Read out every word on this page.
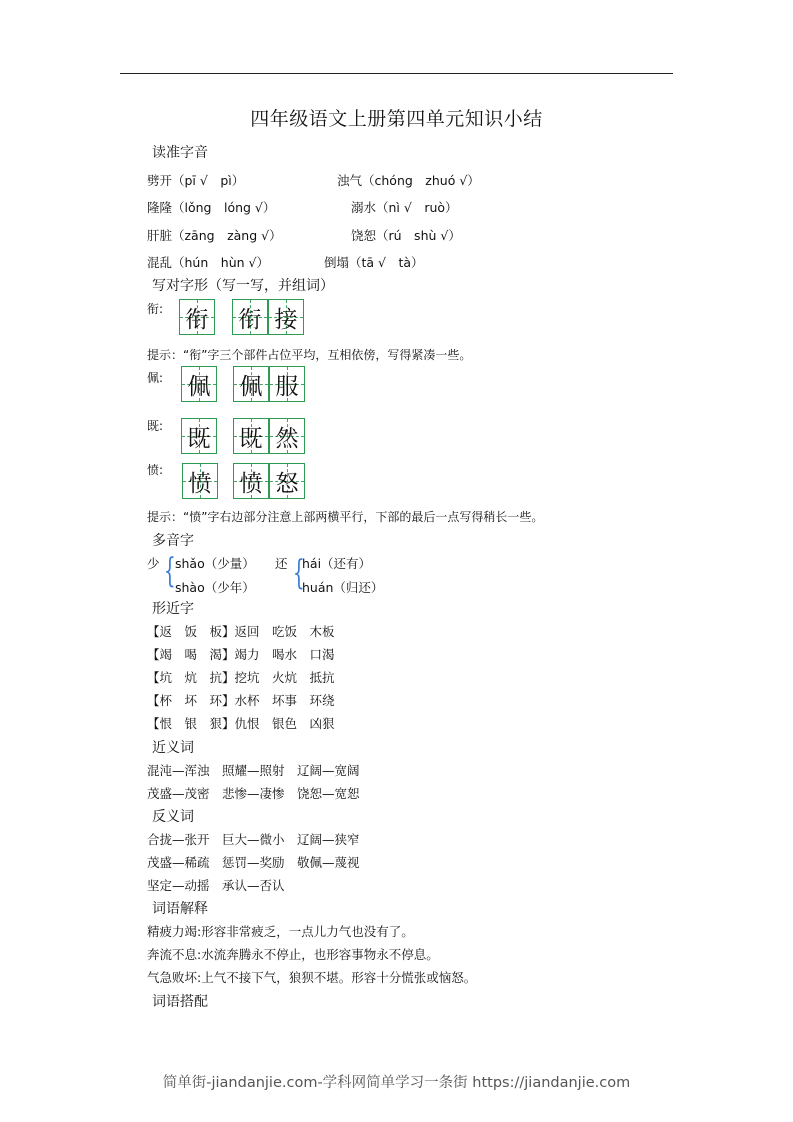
四年级语文上册第四单元知识小结
读准字音
劈开（pī √　pì）	浊气（chóng　zhuó √）
隆隆（lǒng　lóng √）	溺水（nì √　ruò）
肝脏（zāng　zàng √）	饶恕（rú　shù √）
混乱（hún　hùn √）	倒塌（tā √　tà）
写对字形（写一写，并组词）
衔: 衔 衔 接
提示：“衔”字三个部件占位平均，互相依傍，写得紧凑一些。
佩: 佩 佩 服
既: 既 既 然
愤:
愤 愤 怒
提示：“愤”字右边部分注意上部两横平行，下部的最后一点写得稍长一些。
多音字
少 { shǎo（少量）
shào（少年）
还 {
hái（还有）
huán（归还）
形近字
【返　饭　板】返回　吃饭　木板
【竭　喝　渴】竭力　喝水　口渴
【坑　炕　抗】挖坑　火炕　抵抗
【杯　坏　环】水杯　坏事　环绕
【恨　银　狠】仇恨　银色　凶狠
近义词
混沌—浑浊　照耀—照射　辽阔—宽阔
茂盛—茂密　悲惨—凄惨　饶恕—宽恕
反义词
合拢—张开　巨大—微小　辽阔—狭窄
茂盛—稀疏　惩罚—奖励　敬佩—蔑视
坚定—动摇　承认—否认
词语解释
精疲力竭:形容非常疲乏，一点儿力气也没有了。
奔流不息:水流奔腾永不停止，也形容事物永不停息。
气急败坏:上气不接下气，狼狈不堪。形容十分慌张或恼怒。
词语搭配
简单街-jiandanjie.com-学科网简单学习一条街 https://jiandanjie.com
